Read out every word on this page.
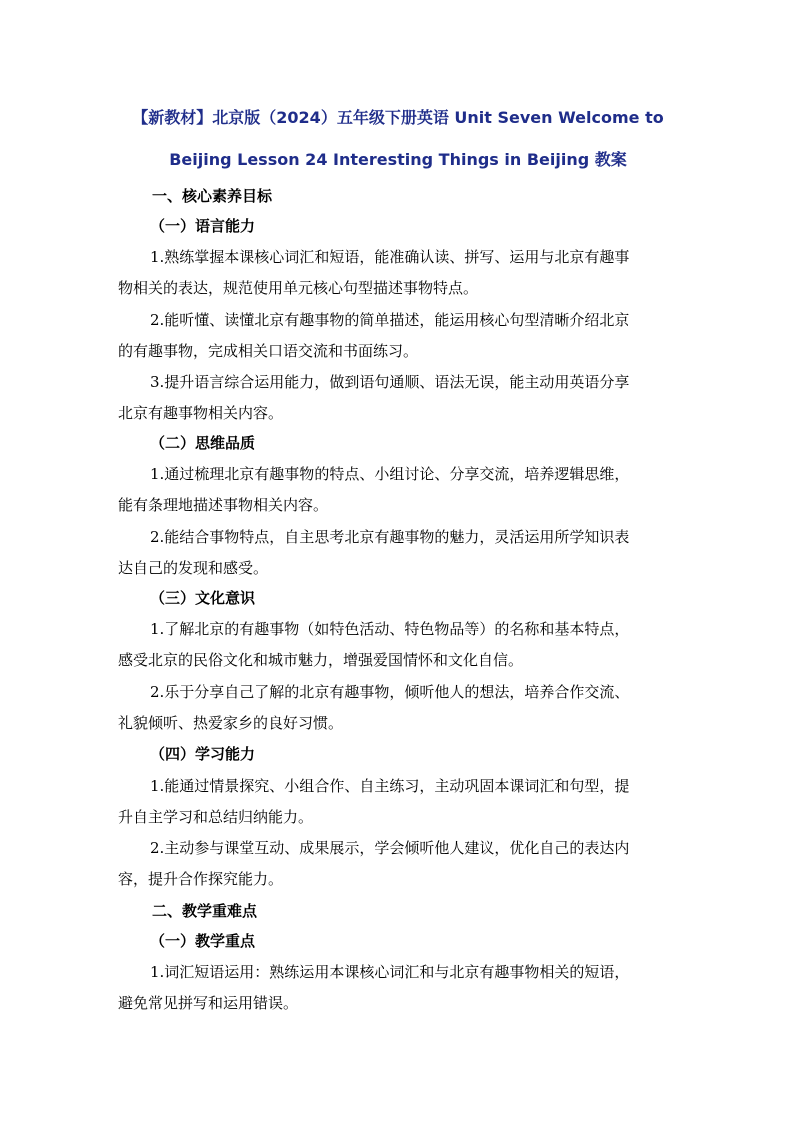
【新教材】北京版（2024）五年级下册英语 Unit Seven Welcome to
Beijing Lesson 24 Interesting Things in Beijing 教案
一、核心素养目标
（一）语言能力
1.熟练掌握本课核心词汇和短语，能准确认读、拼写、运用与北京有趣事
物相关的表达，规范使用单元核心句型描述事物特点。
2.能听懂、读懂北京有趣事物的简单描述，能运用核心句型清晰介绍北京
的有趣事物，完成相关口语交流和书面练习。
3.提升语言综合运用能力，做到语句通顺、语法无误，能主动用英语分享
北京有趣事物相关内容。
（二）思维品质
1.通过梳理北京有趣事物的特点、小组讨论、分享交流，培养逻辑思维，
能有条理地描述事物相关内容。
2.能结合事物特点，自主思考北京有趣事物的魅力，灵活运用所学知识表
达自己的发现和感受。
（三）文化意识
1.了解北京的有趣事物（如特色活动、特色物品等）的名称和基本特点，
感受北京的民俗文化和城市魅力，增强爱国情怀和文化自信。
2.乐于分享自己了解的北京有趣事物，倾听他人的想法，培养合作交流、
礼貌倾听、热爱家乡的良好习惯。
（四）学习能力
1.能通过情景探究、小组合作、自主练习，主动巩固本课词汇和句型，提
升自主学习和总结归纳能力。
2.主动参与课堂互动、成果展示，学会倾听他人建议，优化自己的表达内
容，提升合作探究能力。
二、教学重难点
（一）教学重点
1.词汇短语运用：熟练运用本课核心词汇和与北京有趣事物相关的短语，
避免常见拼写和运用错误。
